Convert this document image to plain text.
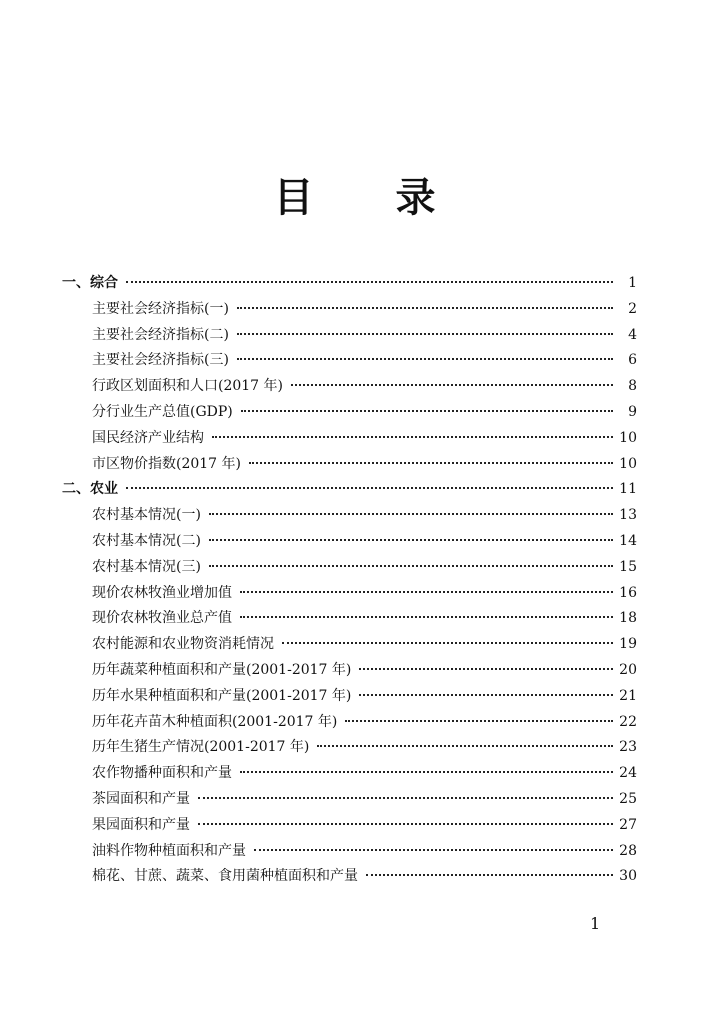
目 录
一、综合	1
主要社会经济指标(一)	2
主要社会经济指标(二)	4
主要社会经济指标(三)	6
行政区划面积和人口(2017 年)	8
分行业生产总值(GDP)	9
国民经济产业结构	10
市区物价指数(2017 年)	10
二、农业	11
农村基本情况(一)	13
农村基本情况(二)	14
农村基本情况(三)	15
现价农林牧渔业增加值	16
现价农林牧渔业总产值	18
农村能源和农业物资消耗情况	19
历年蔬菜种植面积和产量(2001-2017 年)	20
历年水果种植面积和产量(2001-2017 年)	21
历年花卉苗木种植面积(2001-2017 年)	22
历年生猪生产情况(2001-2017 年)	23
农作物播种面积和产量	24
茶园面积和产量	25
果园面积和产量	27
油料作物种植面积和产量	28
棉花、甘蔗、蔬菜、食用菌种植面积和产量	30
1
